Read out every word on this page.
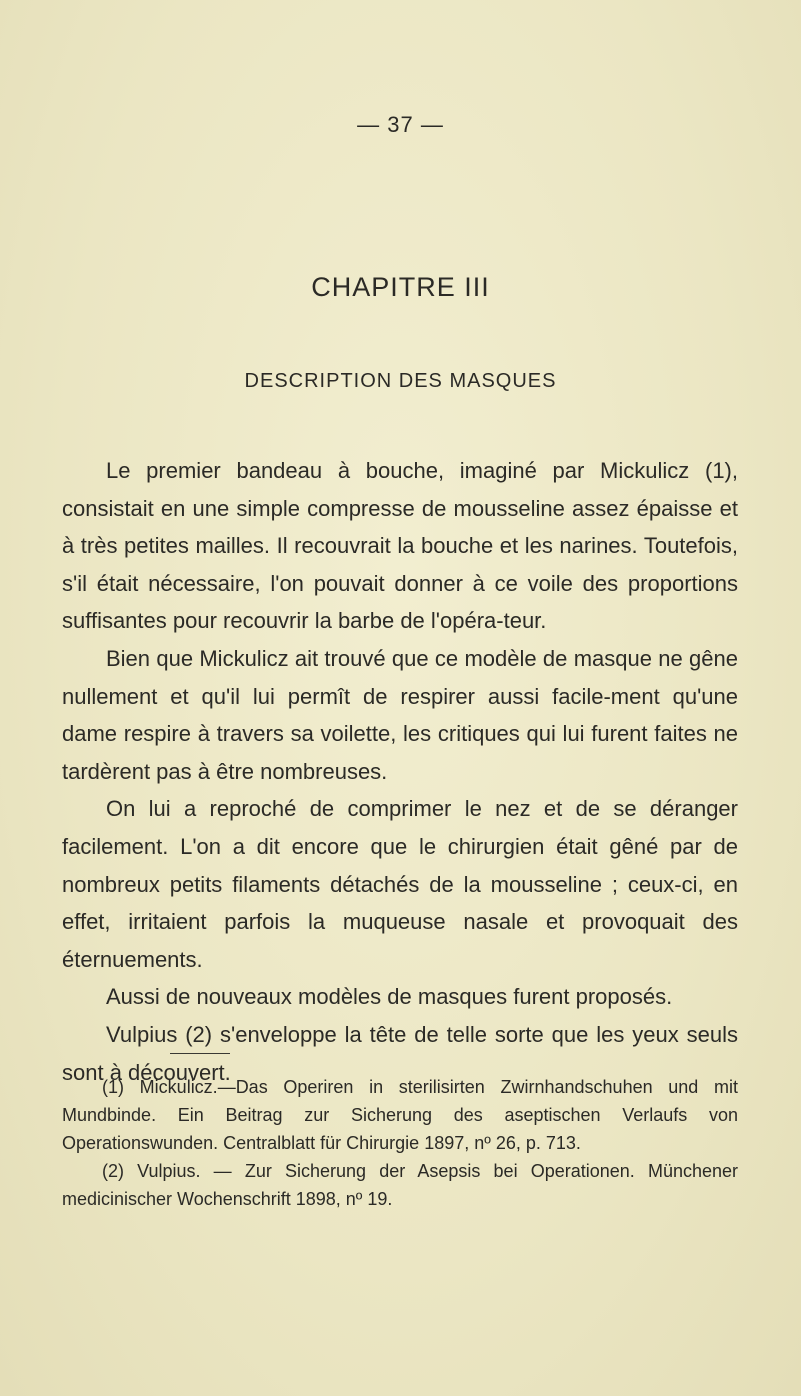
— 37 —
CHAPITRE III
DESCRIPTION DES MASQUES

Le premier bandeau à bouche, imaginé par Mickulicz (1), consistait en une simple compresse de mousseline assez épaisse et à très petites mailles. Il recouvrait la bouche et les narines. Toutefois, s'il était nécessaire, l'on pouvait donner à ce voile des proportions suffisantes pour recouvrir la barbe de l'opéra-teur.

Bien que Mickulicz ait trouvé que ce modèle de masque ne gêne nullement et qu'il lui permît de respirer aussi facile-ment qu'une dame respire à travers sa voilette, les critiques qui lui furent faites ne tardèrent pas à être nombreuses.

On lui a reproché de comprimer le nez et de se déranger facilement. L'on a dit encore que le chirurgien était gêné par de nombreux petits filaments détachés de la mousseline ; ceux-ci, en effet, irritaient parfois la muqueuse nasale et provoquait des éternuements.

Aussi de nouveaux modèles de masques furent proposés.

Vulpius (2) s'enveloppe la tête de telle sorte que les yeux seuls sont à découvert.

(1) Mickulicz.—Das Operiren in sterilisirten Zwirnhandschuhen und mit Mundbinde. Ein Beitrag zur Sicherung des aseptischen Verlaufs von Operationswunden. Centralblatt für Chirurgie 1897, nº 26, p. 713.

(2) Vulpius. — Zur Sicherung der Asepsis bei Operationen. Münchener medicinischer Wochenschrift 1898, nº 19.
